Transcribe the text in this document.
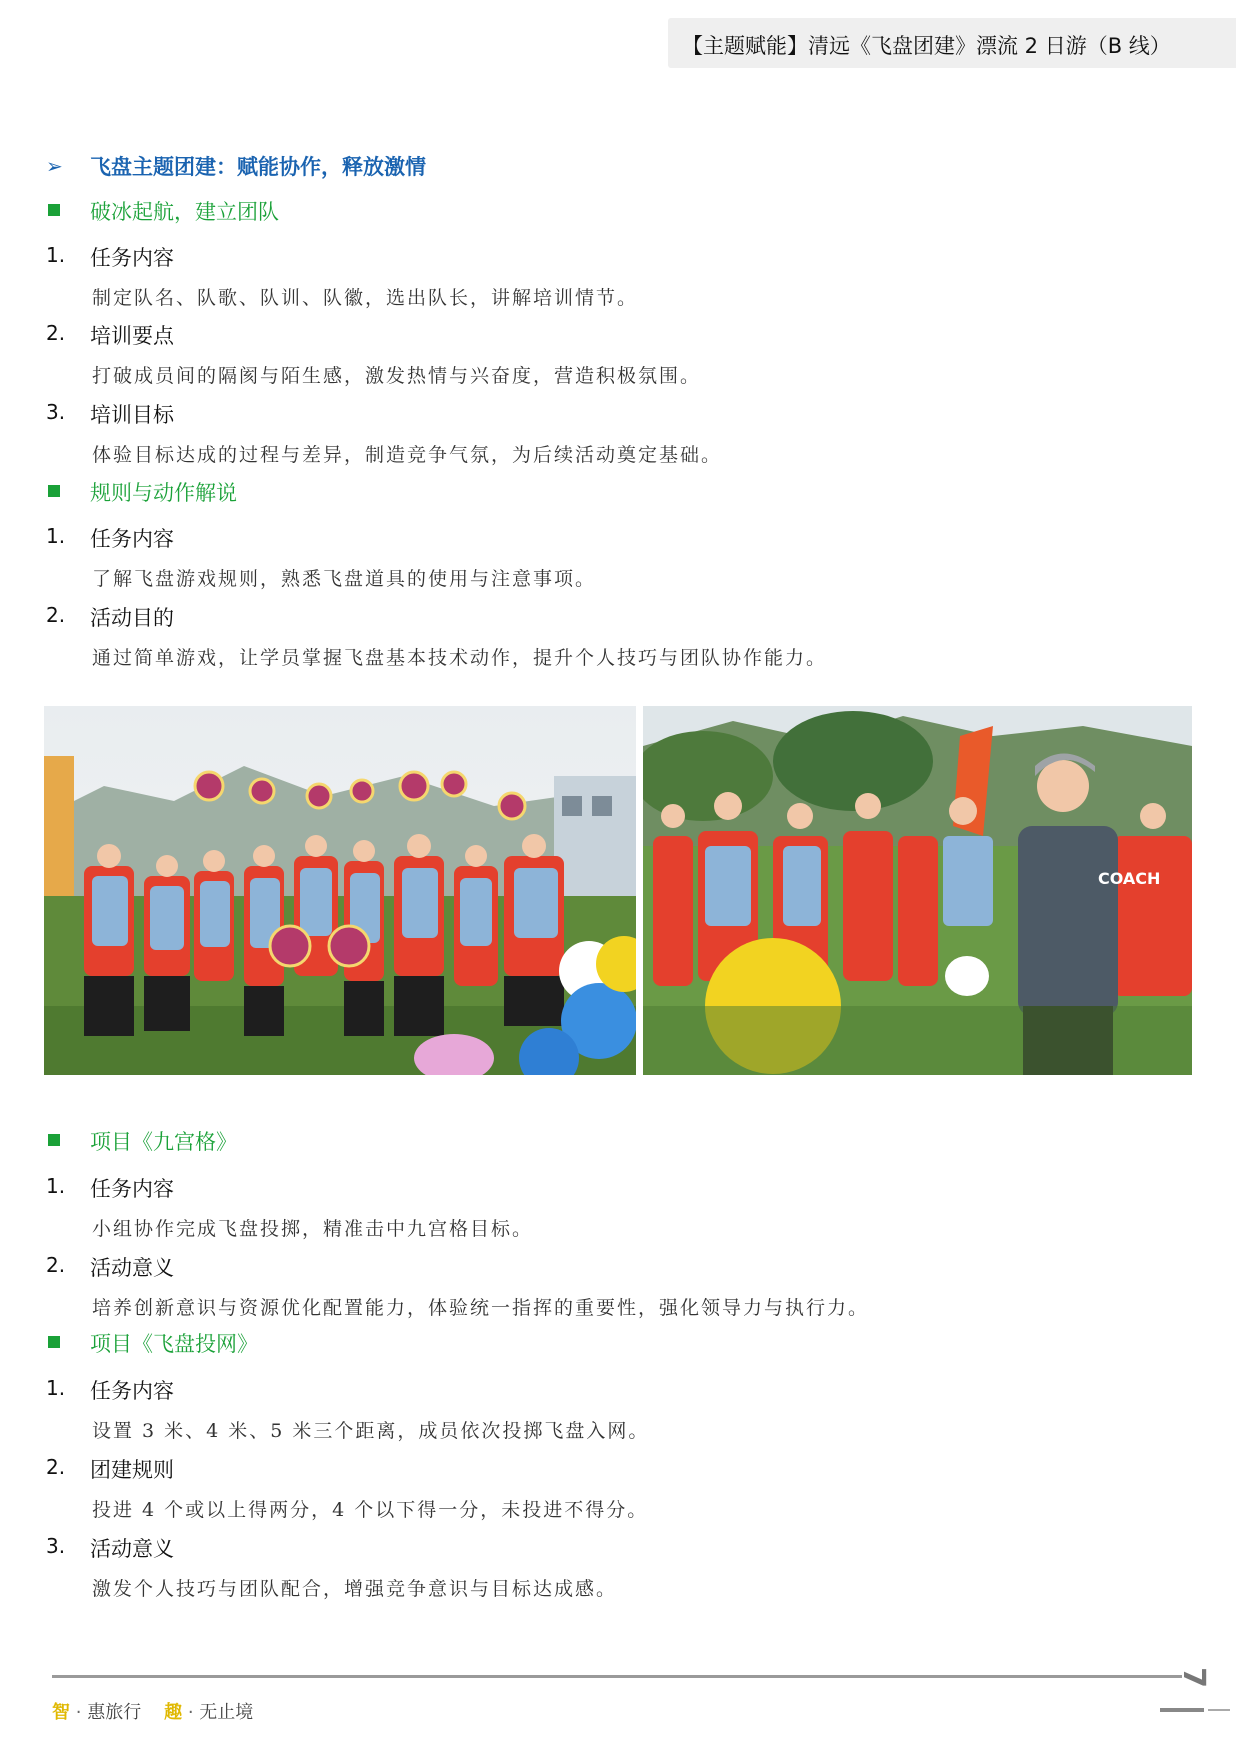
【主题赋能】清远《飞盘团建》漂流 2 日游（B 线）
➢ 飞盘主题团建：赋能协作，释放激情
破冰起航，建立团队
1. 任务内容
制定队名、队歌、队训、队徽，选出队长，讲解培训情节。
2. 培训要点
打破成员间的隔阂与陌生感，激发热情与兴奋度，营造积极氛围。
3. 培训目标
体验目标达成的过程与差异，制造竞争气氛，为后续活动奠定基础。
规则与动作解说
1. 任务内容
了解飞盘游戏规则，熟悉飞盘道具的使用与注意事项。
2. 活动目的
通过简单游戏，让学员掌握飞盘基本技术动作，提升个人技巧与团队协作能力。
COACH
项目《九宫格》
1. 任务内容
小组协作完成飞盘投掷，精准击中九宫格目标。
2. 活动意义
培养创新意识与资源优化配置能力，体验统一指挥的重要性，强化领导力与执行力。
项目《飞盘投网》
1. 任务内容
设置 3 米、4 米、5 米三个距离，成员依次投掷飞盘入网。
2. 团建规则
投进 4 个或以上得两分，4 个以下得一分，未投进不得分。
3. 活动意义
激发个人技巧与团队配合，增强竞争意识与目标达成感。
智 · 惠旅行 趣 · 无止境
7
